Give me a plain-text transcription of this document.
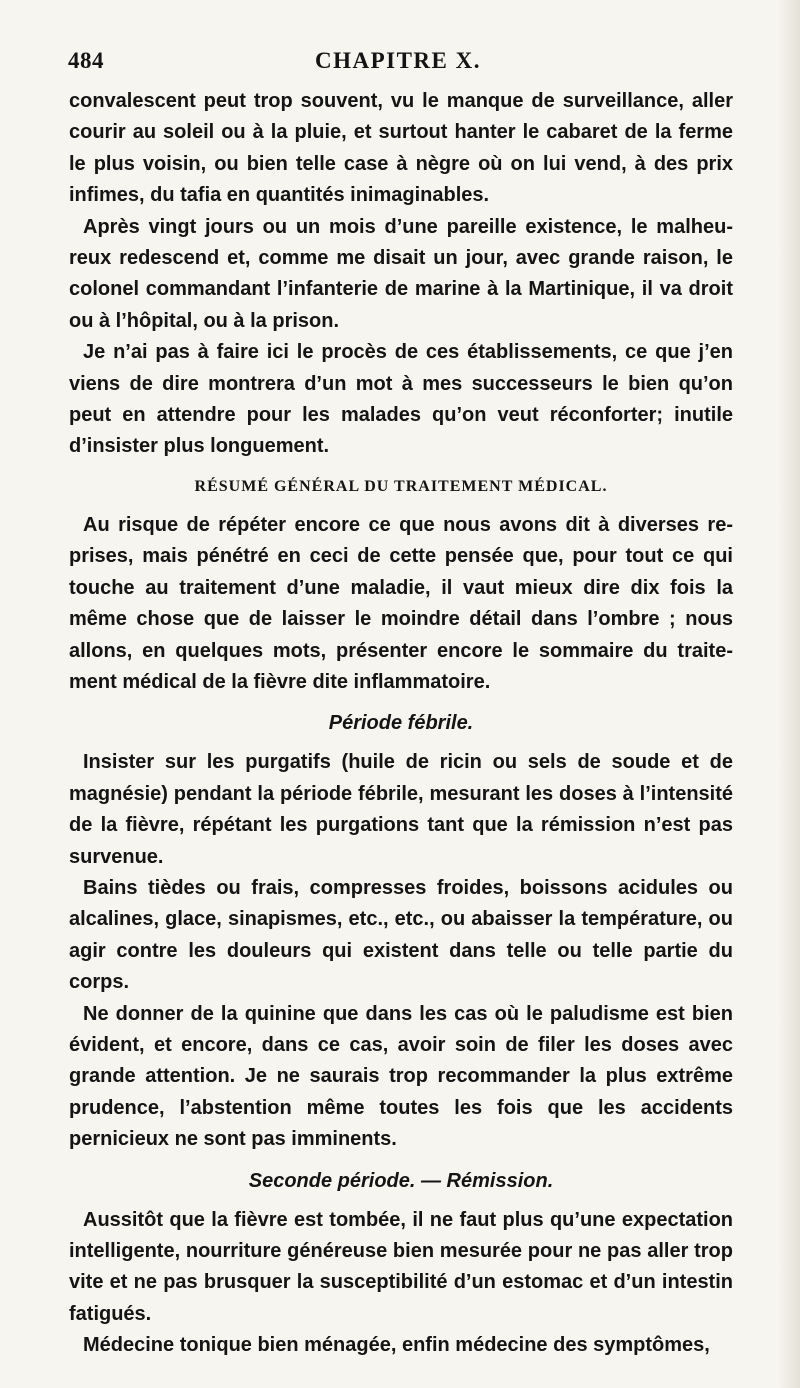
484	CHAPITRE X.

convalescent peut trop souvent, vu le manque de surveillance, aller courir au soleil ou à la pluie, et surtout hanter le cabaret de la ferme le plus voisin, ou bien telle case à nègre où on lui vend, à des prix infimes, du tafia en quantités inimaginables.

Après vingt jours ou un mois d’une pareille existence, le malheureux redescend et, comme me disait un jour, avec grande raison, le colonel commandant l’infanterie de marine à la Martinique, il va droit ou à l’hôpital, ou à la prison.

Je n’ai pas à faire ici le procès de ces établissements, ce que j’en viens de dire montrera d’un mot à mes successeurs le bien qu’on peut en attendre pour les malades qu’on veut réconforter; inutile d’insister plus longuement.

RÉSUMÉ GÉNÉRAL DU TRAITEMENT MÉDICAL.

Au risque de répéter encore ce que nous avons dit à diverses reprises, mais pénétré en ceci de cette pensée que, pour tout ce qui touche au traitement d’une maladie, il vaut mieux dire dix fois la même chose que de laisser le moindre détail dans l’ombre ; nous allons, en quelques mots, présenter encore le sommaire du traitement médical de la fièvre dite inflammatoire.

Période fébrile.

Insister sur les purgatifs (huile de ricin ou sels de soude et de magnésie) pendant la période fébrile, mesurant les doses à l’intensité de la fièvre, répétant les purgations tant que la rémission n’est pas survenue.

Bains tièdes ou frais, compresses froides, boissons acidules ou alcalines, glace, sinapismes, etc., etc., ou abaisser la température, ou agir contre les douleurs qui existent dans telle ou telle partie du corps.

Ne donner de la quinine que dans les cas où le paludisme est bien évident, et encore, dans ce cas, avoir soin de filer les doses avec grande attention. Je ne saurais trop recommander la plus extrême prudence, l’abstention même toutes les fois que les accidents pernicieux ne sont pas imminents.

Seconde période. — Rémission.

Aussitôt que la fièvre est tombée, il ne faut plus qu’une expectation intelligente, nourriture généreuse bien mesurée pour ne pas aller trop vite et ne pas brusquer la susceptibilité d’un estomac et d’un intestin fatigués.

Médecine tonique bien ménagée, enfin médecine des symptômes,
